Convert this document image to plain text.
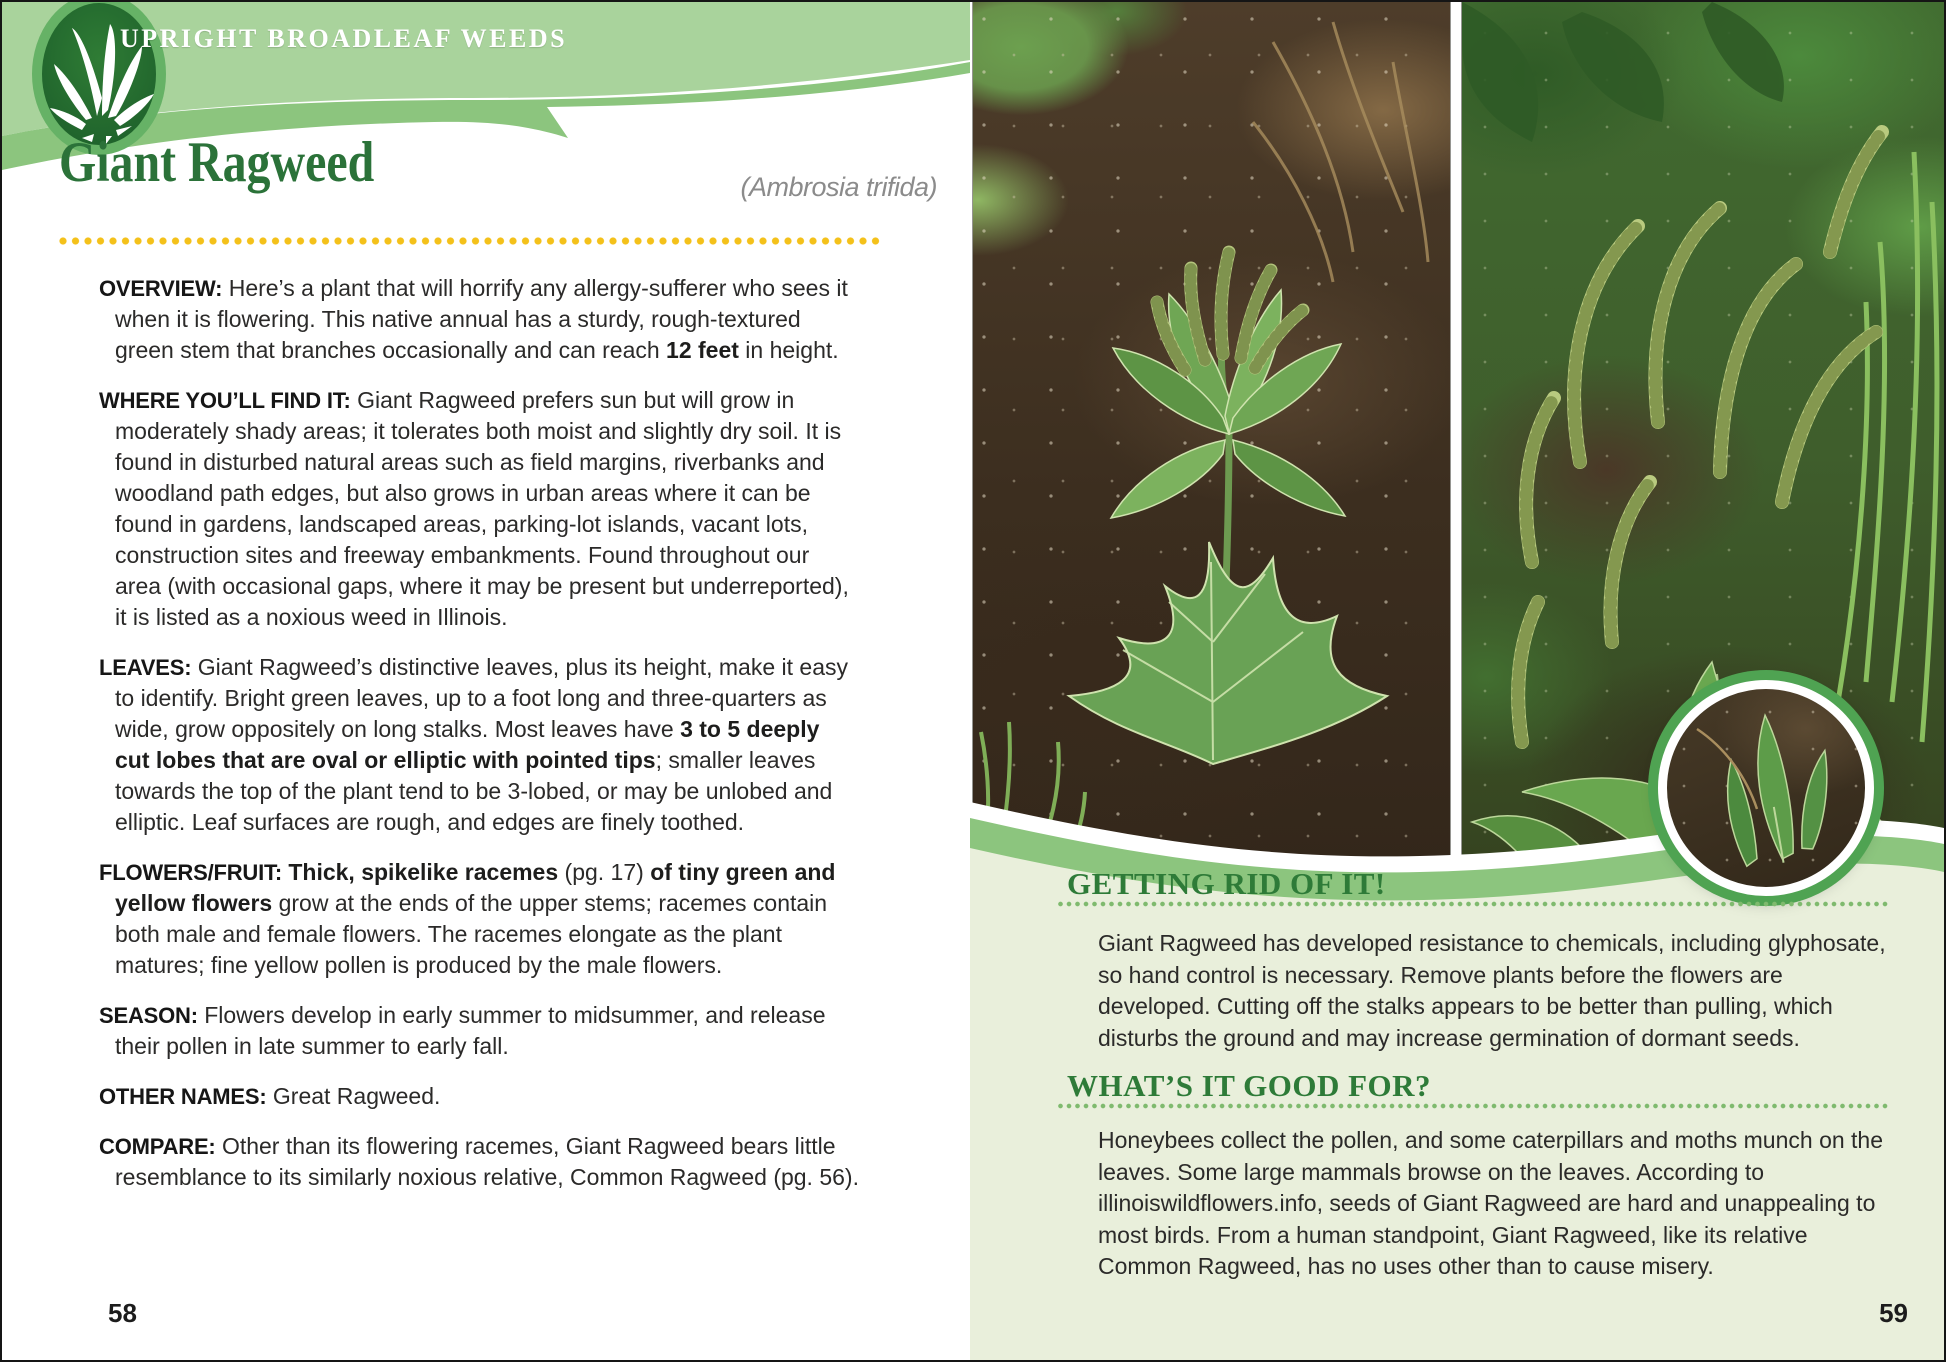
UPRIGHT BROADLEAF WEEDS
Giant Ragweed	(Ambrosia trifida)

OVERVIEW: Here’s a plant that will horrify any allergy-sufferer who sees it when it is flowering. This native annual has a sturdy, rough-textured green stem that branches occasionally and can reach 12 feet in height.

WHERE YOU’LL FIND IT: Giant Ragweed prefers sun but will grow in moderately shady areas; it tolerates both moist and slightly dry soil. It is found in disturbed natural areas such as field margins, riverbanks and woodland path edges, but also grows in urban areas where it can be found in gardens, landscaped areas, parking-lot islands, vacant lots, construction sites and freeway embankments. Found throughout our area (with occasional gaps, where it may be present but underreported), it is listed as a noxious weed in Illinois.

LEAVES: Giant Ragweed’s distinctive leaves, plus its height, make it easy to identify. Bright green leaves, up to a foot long and three-quarters as wide, grow oppositely on long stalks. Most leaves have 3 to 5 deeply cut lobes that are oval or elliptic with pointed tips; smaller leaves towards the top of the plant tend to be 3-lobed, or may be unlobed and elliptic. Leaf surfaces are rough, and edges are finely toothed.

FLOWERS/FRUIT: Thick, spikelike racemes (pg. 17) of tiny green and yellow flowers grow at the ends of the upper stems; racemes contain both male and female flowers. The racemes elongate as the plant matures; fine yellow pollen is produced by the male flowers.

SEASON: Flowers develop in early summer to midsummer, and release their pollen in late summer to early fall.

OTHER NAMES: Great Ragweed.

COMPARE: Other than its flowering racemes, Giant Ragweed bears little resemblance to its similarly noxious relative, Common Ragweed (pg. 56).

58
GETTING RID OF IT!

Giant Ragweed has developed resistance to chemicals, including glyphosate, so hand control is necessary. Remove plants before the flowers are developed. Cutting off the stalks appears to be better than pulling, which disturbs the ground and may increase germination of dormant seeds.

WHAT’S IT GOOD FOR?

Honeybees collect the pollen, and some caterpillars and moths munch on the leaves. Some large mammals browse on the leaves. According to illinoiswildflowers.info, seeds of Giant Ragweed are hard and unappealing to most birds. From a human standpoint, Giant Ragweed, like its relative Common Ragweed, has no uses other than to cause misery.

59
